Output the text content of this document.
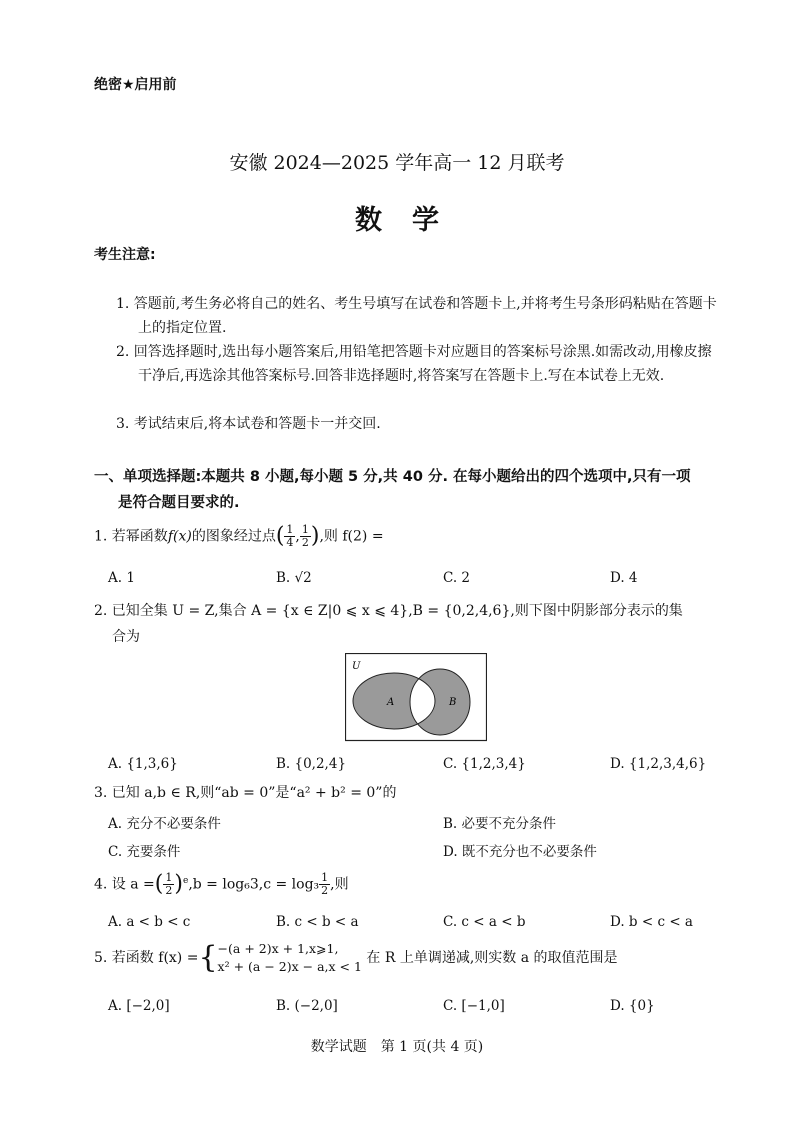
绝密★启用前
安徽 2024—2025 学年高一 12 月联考
数学
考生注意:
1. 答题前,考生务必将自己的姓名、考生号填写在试卷和答题卡上,并将考生号条形码粘贴在答题卡上的指定位置.
2. 回答选择题时,选出每小题答案后,用铅笔把答题卡对应题目的答案标号涂黑.如需改动,用橡皮擦干净后,再选涂其他答案标号.回答非选择题时,将答案写在答题卡上.写在本试卷上无效.
3. 考试结束后,将本试卷和答题卡一并交回.
一、单项选择题:本题共 8 小题,每小题 5 分,共 40 分. 在每小题给出的四个选项中,只有一项
是符合题目要求的.
1. 若幂函数f(x)的图象经过点( $\frac{1}{4}$ , $\frac{1}{2}$ ),则 f(2) =
A. 1	B. √2	C. 2	D. 4
2. 已知全集 U = Z,集合 A = {x ∈ Z|0 ⩽ x ⩽ 4},B = {0,2,4,6},则下图中阴影部分表示的集
合为
U
A	B
A. {1,3,6}	B. {0,2,4}	C. {1,2,3,4}	D. {1,2,3,4,6}
3. 已知 a,b ∈ R,则“ab = 0”是“a² + b² = 0”的
A. 充分不必要条件	B. 必要不充分条件
C. 充要条件	D. 既不充分也不必要条件
4. 设 a =( $\frac{1}{2} )^e,b = \log_63,c = \log_3 \frac{1}{2}$ ,则
A. a < b < c	B. c < b < a	C. c < a < b	D. b < c < a
5. 若函数 f(x) ={ −(a + 2)x + 1,x⩾1,
x² + (a − 2)x − a,x < 1
在 R 上单调递减,则实数 a 的取值范围是
A. [−2,0]	B. (−2,0]	C. [−1,0]	D. {0}
数学试题　第 1 页(共 4 页)
